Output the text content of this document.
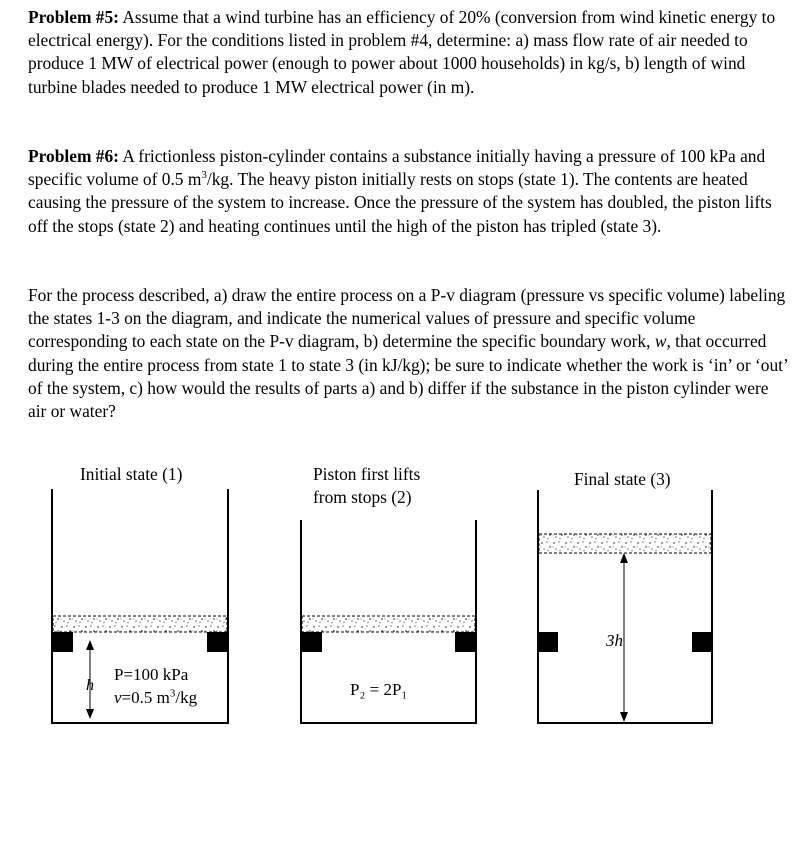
Problem #5: Assume that a wind turbine has an efficiency of 20% (conversion from wind kinetic energy to electrical energy). For the conditions listed in problem #4, determine: a) mass flow rate of air needed to produce 1 MW of electrical power (enough to power about 1000 households) in kg/s, b) length of wind turbine blades needed to produce 1 MW electrical power (in m).
Problem #6: A frictionless piston-cylinder contains a substance initially having a pressure of 100 kPa and specific volume of 0.5 $m^3/kg$. The heavy piston initially rests on stops (state 1). The contents are heated causing the pressure of the system to increase. Once the pressure of the system has doubled, the piston lifts off the stops (state 2) and heating continues until the high of the piston has tripled (state 3).
For the process described, a) draw the entire process on a P-v diagram (pressure vs specific volume) labeling the states 1-3 on the diagram, and indicate the numerical values of pressure and specific volume corresponding to each state on the P-v diagram, b) determine the specific boundary work, w, that occurred during the entire process from state 1 to state 3 (in kJ/kg); be sure to indicate whether the work is ‘in’ or ‘out’ of the system, c) how would the results of parts a) and b) differ if the substance in the piston cylinder were air or water?
Initial state (1)	Piston first lifts
from stops (2)
Final state (3)
P=100 kPa
v=0.5 $m^3/kg$
h	P₂ = 2P₁
3h
